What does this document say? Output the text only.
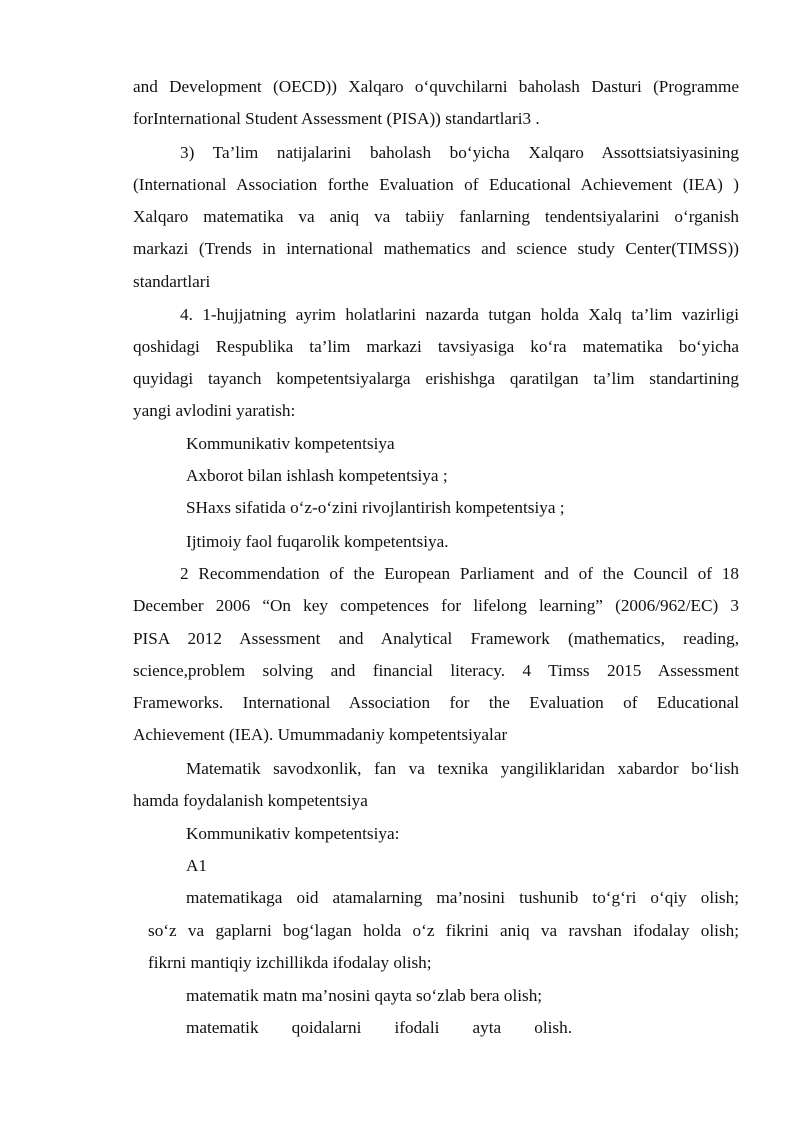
​
and Development (OECD)) Xalqaro o‘quvchilarni baholash Dasturi (Programme
forInternational Student Assessment (PISA)) standartlari3 .
3) Ta’lim natijalarini baholash bo‘yicha Xalqaro Assottsiatsiyasining
(International Association forthe Evaluation of Educational Achievement (IEA) )
Xalqaro matematika va aniq va tabiiy fanlarning tendentsiyalarini o‘rganish
markazi (Trends in international mathematics and science study Center(TIMSS))
standartlari
4. 1-hujjatning ayrim holatlarini nazarda tutgan holda Xalq ta’lim vazirligi
qoshidagi Respublika ta’lim markazi tavsiyasiga ko‘ra matematika bo‘yicha
quyidagi tayanch kompetentsiyalarga erishishga qaratilgan ta’lim standartining
yangi avlodini yaratish:
Kommunikativ kompetentsiya
Axborot bilan ishlash kompetentsiya ;
SHaxs sifatida o‘z-o‘zini rivojlantirish kompetentsiya ;
Ijtimoiy faol fuqarolik kompetentsiya.
2 Recommendation of the European Parliament and of the Council of 18
December 2006 “On key competences for lifelong learning” (2006/962/EC) 3
PISA 2012 Assessment and Analytical Framework (mathematics, reading,
science,problem solving and financial literacy. 4 Timss 2015 Assessment
Frameworks. International Association for the Evaluation of Educational
Achievement (IEA). Umummadaniy kompetentsiyalar
Matematik savodxonlik, fan va texnika yangiliklaridan xabardor bo‘lish
hamda foydalanish kompetentsiya
Kommunikativ kompetentsiya:
A1
matematikaga oid atamalarning ma’nosini tushunib to‘g‘ri o‘qiy olish;
so‘z va gaplarni bog‘lagan holda o‘z fikrini aniq va ravshan ifodalay olish;
fikrni mantiqiy izchillikda ifodalay olish;
matematik matn ma’nosini qayta so‘zlab bera olish;
matematik qoidalarni ifodali ayta olish.
